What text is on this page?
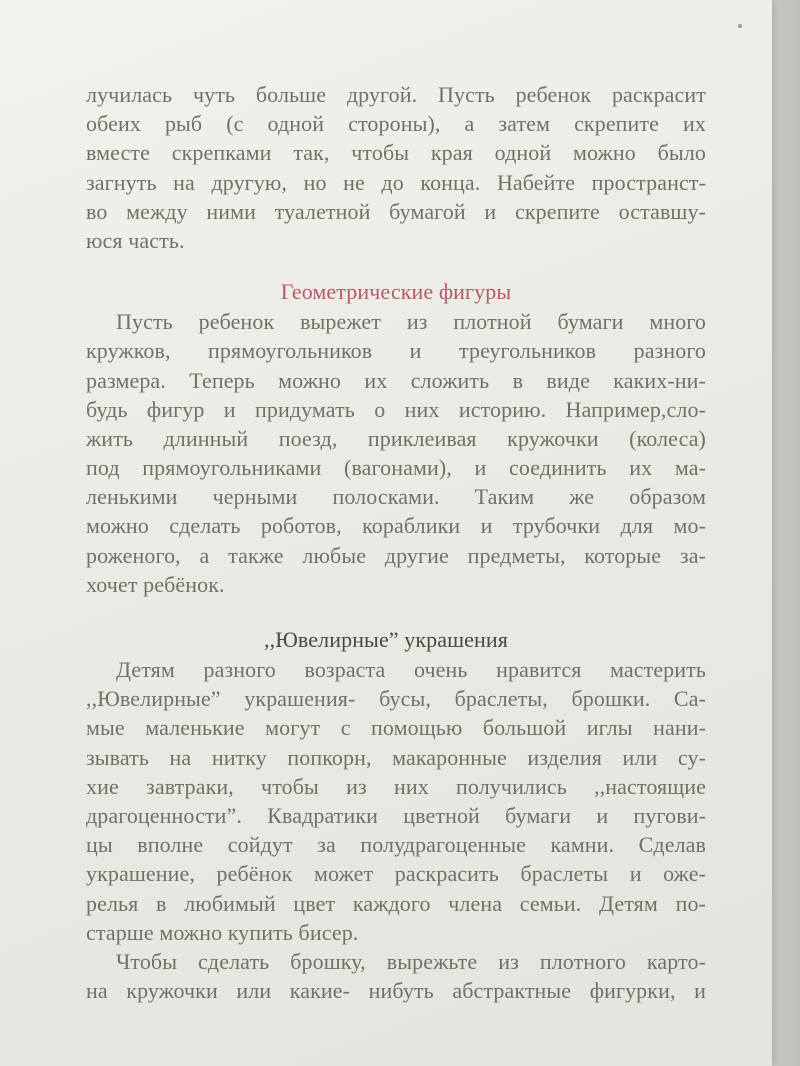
лучилась чуть больше другой. Пусть ребенок раскрасит
обеих рыб (с одной стороны), а затем скрепите их
вместе скрепками так, чтобы края одной можно было
загнуть на другую, но не до конца. Набейте пространст-
во между ними туалетной бумагой и скрепите оставшу-
юся часть.
Геометрические фигуры
Пусть ребенок вырежет из плотной бумаги много
кружков, прямоугольников и треугольников разного
размера. Теперь можно их сложить в виде каких-ни-
будь фигур и придумать о них историю. Например,сло-
жить длинный поезд, приклеивая кружочки (колеса)
под прямоугольниками (вагонами), и соединить их ма-
ленькими черными полосками. Таким же образом
можно сделать роботов, кораблики и трубочки для мо-
роженого, а также любые другие предметы, которые за-
хочет ребёнок.
,,Ювелирные” украшения
Детям разного возраста очень нравится мастерить
,,Ювелирные” украшения- бусы, браслеты, брошки. Са-
мые маленькие могут с помощью большой иглы нани-
зывать на нитку попкорн, макаронные изделия или су-
хие завтраки, чтобы из них получились ,,настоящие
драгоценности”. Квадратики цветной бумаги и пугови-
цы вполне сойдут за полудрагоценные камни. Сделав
украшение, ребёнок может раскрасить браслеты и оже-
релья в любимый цвет каждого члена семьи. Детям по-
старше можно купить бисер.
Чтобы сделать брошку, вырежьте из плотного карто-
на кружочки или какие- нибуть абстрактные фигурки, и
